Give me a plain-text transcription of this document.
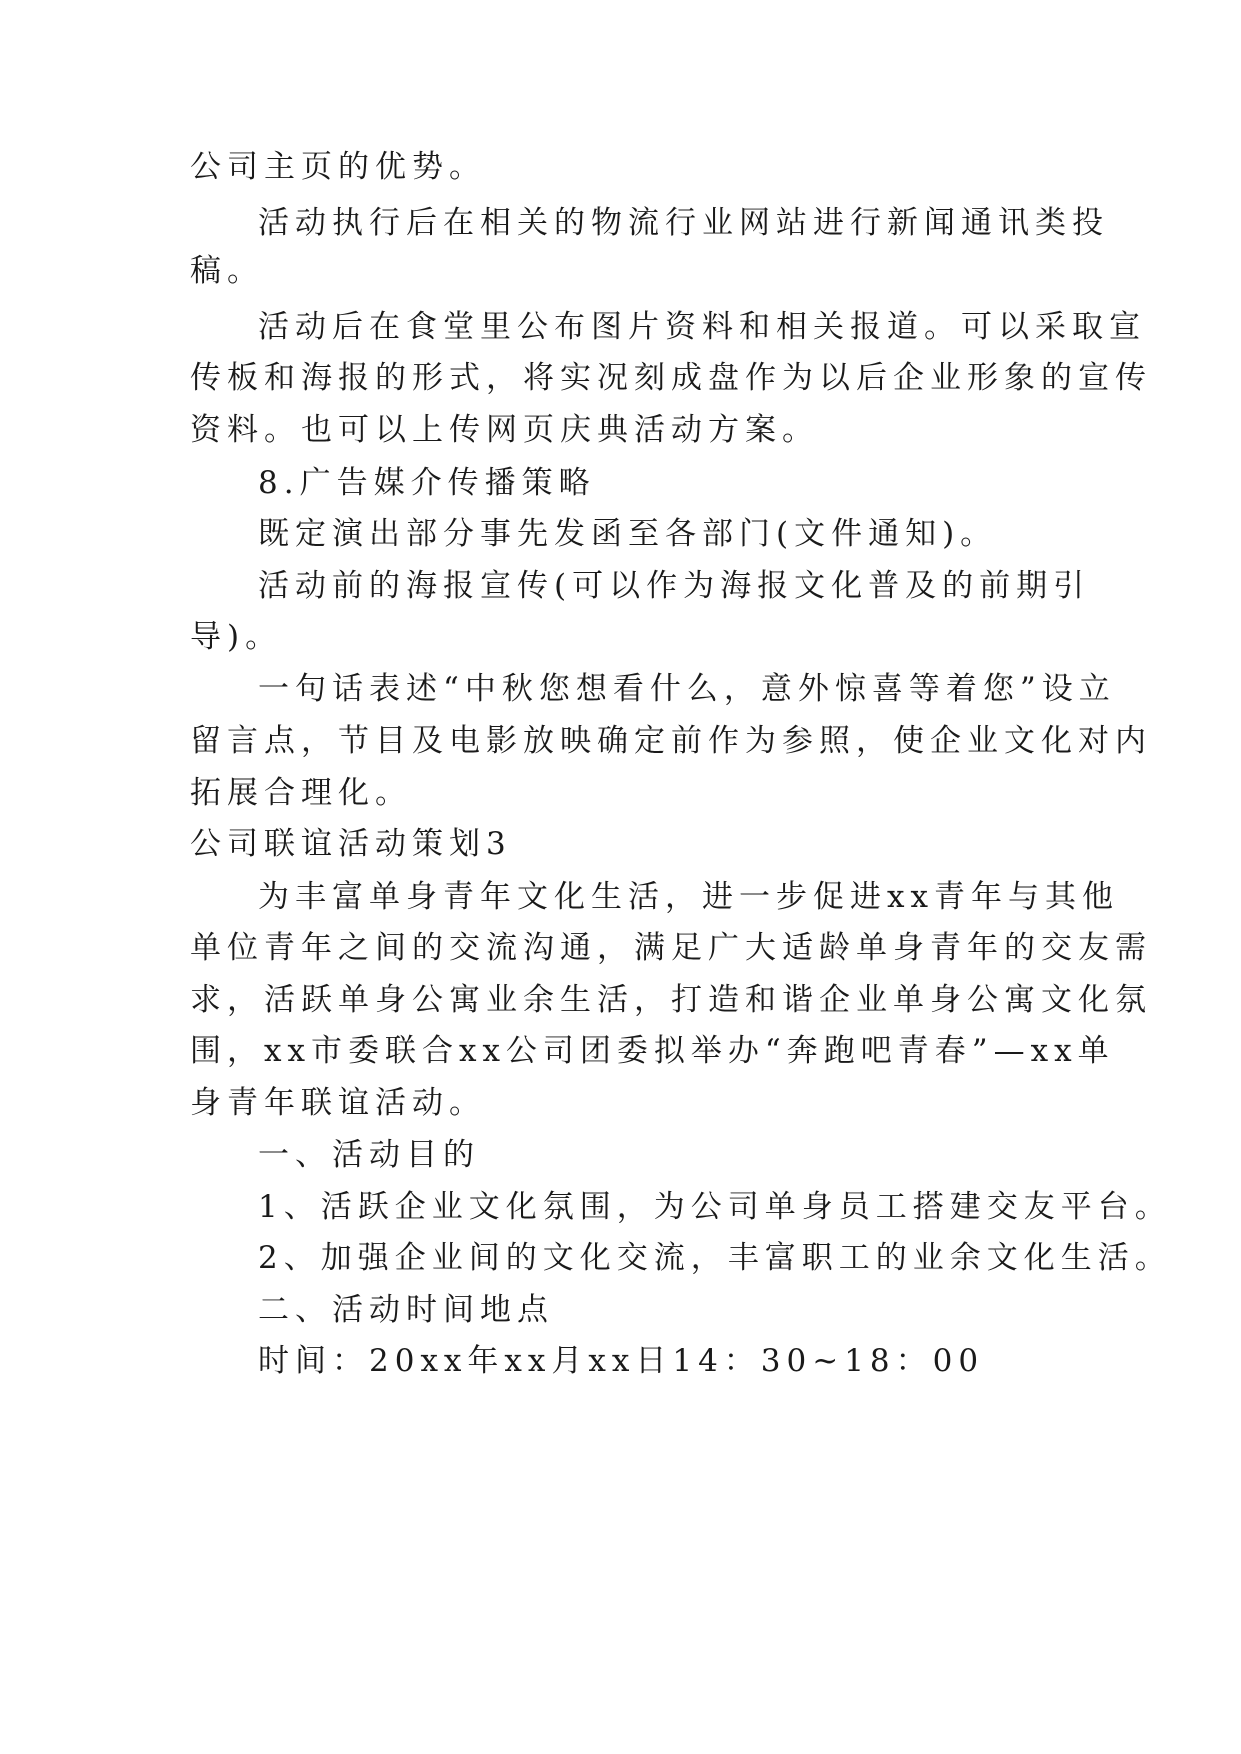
公司主页的优势。
活动执行后在相关的物流行业网站进行新闻通讯类投
稿。
活动后在食堂里公布图片资料和相关报道。可以采取宣
传板和海报的形式，将实况刻成盘作为以后企业形象的宣传
资料。也可以上传网页庆典活动方案。
8.广告媒介传播策略
既定演出部分事先发函至各部门(文件通知)。
活动前的海报宣传(可以作为海报文化普及的前期引
导)。
一句话表述“中秋您想看什么，意外惊喜等着您”设立
留言点，节目及电影放映确定前作为参照，使企业文化对内
拓展合理化。
公司联谊活动策划3
为丰富单身青年文化生活，进一步促进xx青年与其他
单位青年之间的交流沟通，满足广大适龄单身青年的交友需
求，活跃单身公寓业余生活，打造和谐企业单身公寓文化氛
围，xx市委联合xx公司团委拟举办“奔跑吧青春”—xx单
身青年联谊活动。
一、活动目的
1、活跃企业文化氛围，为公司单身员工搭建交友平台。
2、加强企业间的文化交流，丰富职工的业余文化生活。
二、活动时间地点
时间：20xx年xx月xx日14：30~18：00
